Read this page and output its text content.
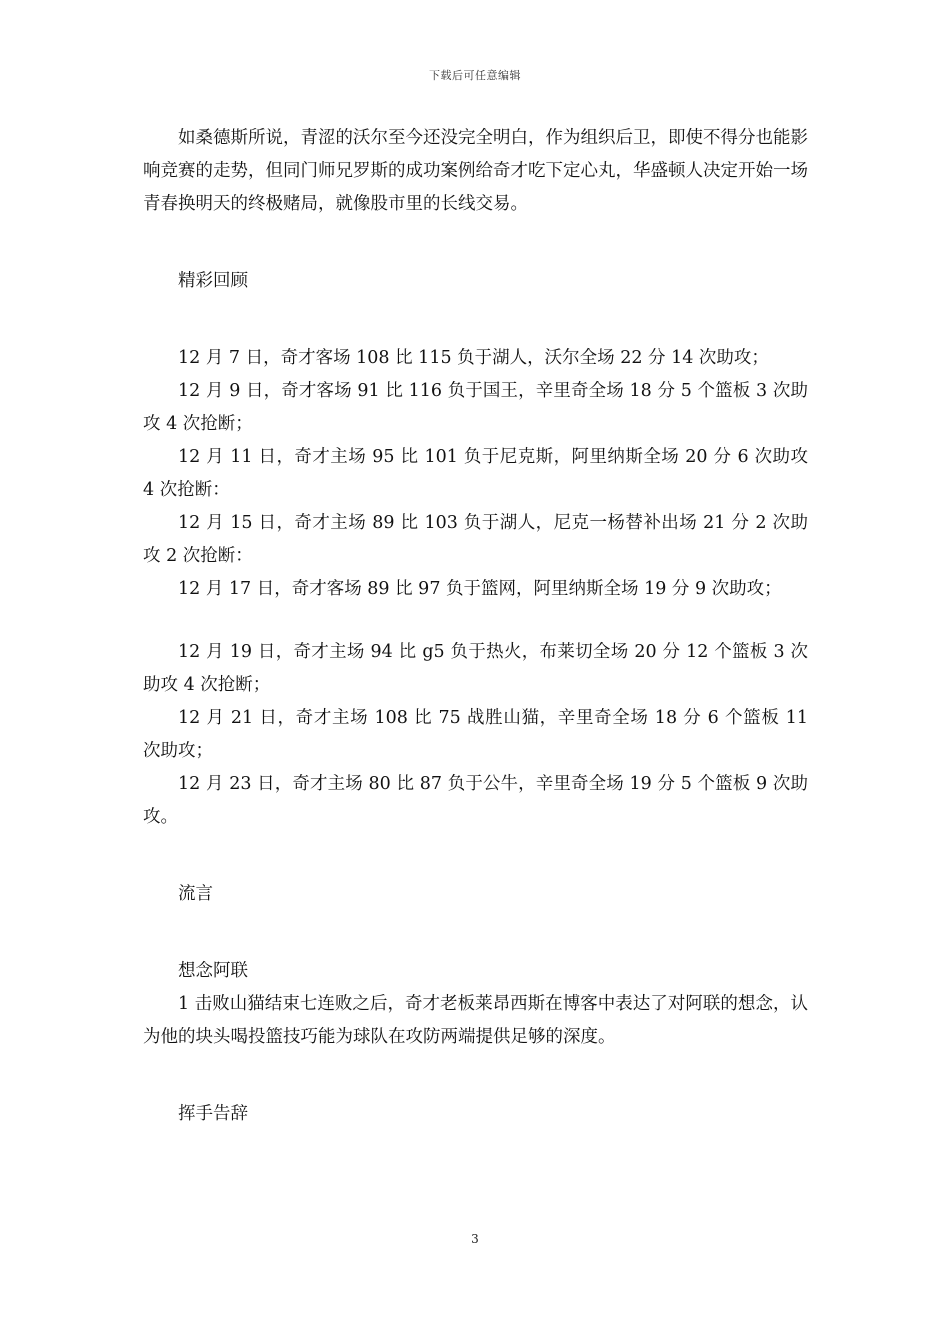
下载后可任意编辑

如桑德斯所说，青涩的沃尔至今还没完全明白，作为组织后卫，即使不得分也能影响竞赛的走势，但同门师兄罗斯的成功案例给奇才吃下定心丸，华盛顿人决定开始一场青春换明天的终极赌局，就像股市里的长线交易。

精彩回顾

12 月 7 日，奇才客场 108 比 115 负于湖人，沃尔全场 22 分 14 次助攻；

12 月 9 日，奇才客场 91 比 116 负于国王，辛里奇全场 18 分 5 个篮板 3 次助攻 4 次抢断；

12 月 11 日，奇才主场 95 比 101 负于尼克斯，阿里纳斯全场 20 分 6 次助攻 4 次抢断：

12 月 15 日，奇才主场 89 比 103 负于湖人，尼克一杨替补出场 21 分 2 次助攻 2 次抢断：

12 月 17 日，奇才客场 89 比 97 负于篮网，阿里纳斯全场 19 分 9 次助攻；

12 月 19 日，奇才主场 94 比 g5 负于热火，布莱切全场 20 分 12 个篮板 3 次助攻 4 次抢断；

12 月 21 日，奇才主场 108 比 75 战胜山猫，辛里奇全场 18 分 6 个篮板 11 次助攻；

12 月 23 日，奇才主场 80 比 87 负于公牛，辛里奇全场 19 分 5 个篮板 9 次助攻。

流言

想念阿联

1 击败山猫结束七连败之后，奇才老板莱昂西斯在博客中表达了对阿联的想念，认为他的块头喝投篮技巧能为球队在攻防两端提供足够的深度。

挥手告辞

3
